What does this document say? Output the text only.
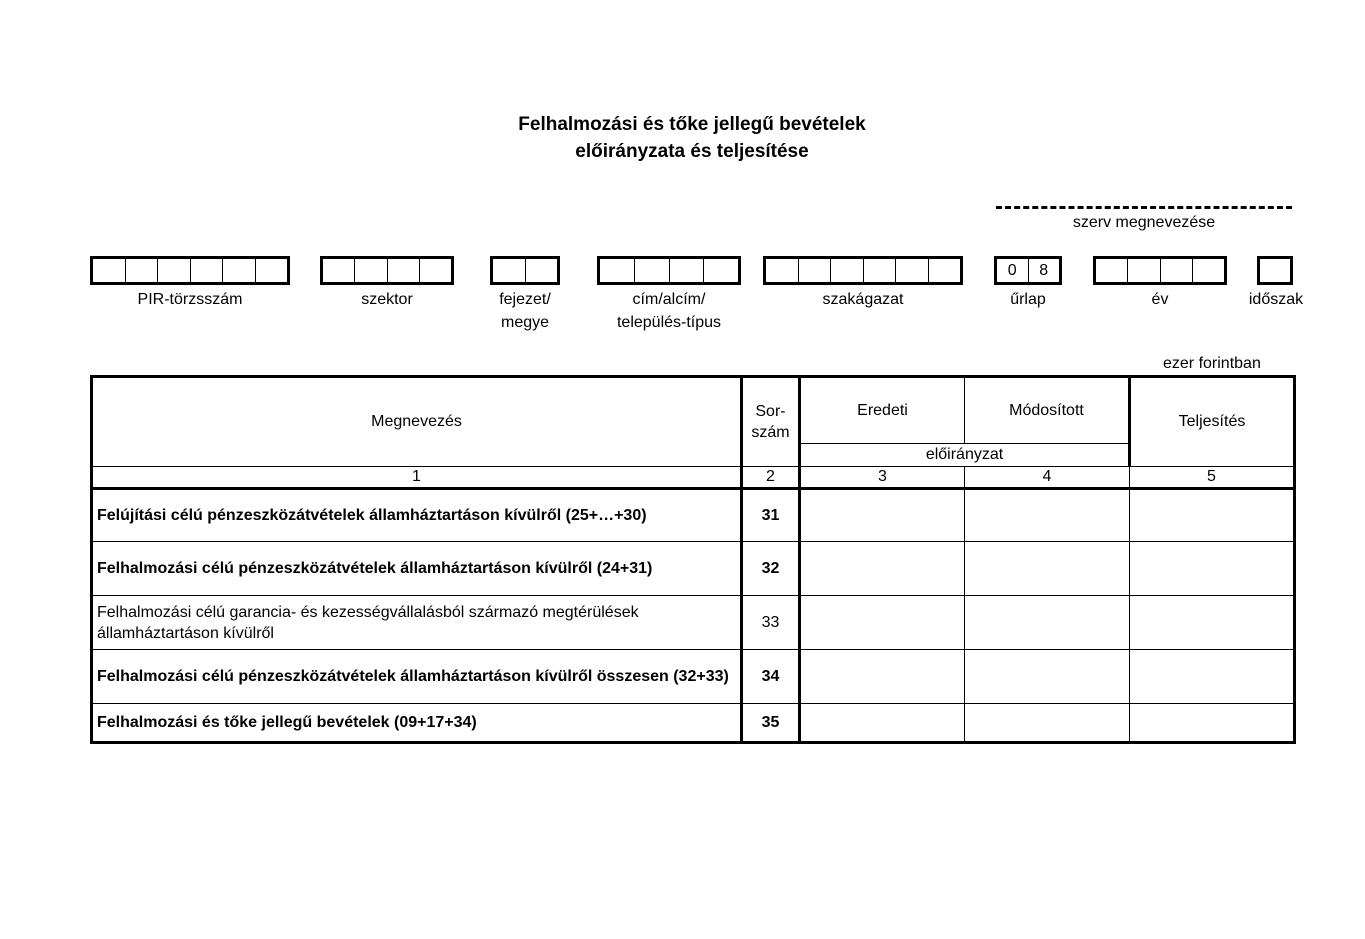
Felhalmozási és tőke jellegű bevételek
előirányzata és teljesítése
szerv megnevezése
PIR-törzsszám	szektor	fejezet/ megye
cím/alcím/ település-típus
szakágazat
0	8
űrlap	év	időszak
ezer forintban
Megnevezés	Sor- szám	Eredeti	Módosított	Teljesítés
		előirányzat		
1	2	3	4	5
Felújítási célú pénzeszközátvételek államháztartáson kívülről (25+…+30)	31			
Felhalmozási célú pénzeszközátvételek államháztartáson kívülről (24+31)	32			
Felhalmozási célú garancia- és kezességvállalásból származó megtérülések államháztartáson kívülről	33			
Felhalmozási célú pénzeszközátvételek államháztartáson kívülről összesen (32+33)	34			
Felhalmozási és tőke jellegű bevételek (09+17+34)	35			
